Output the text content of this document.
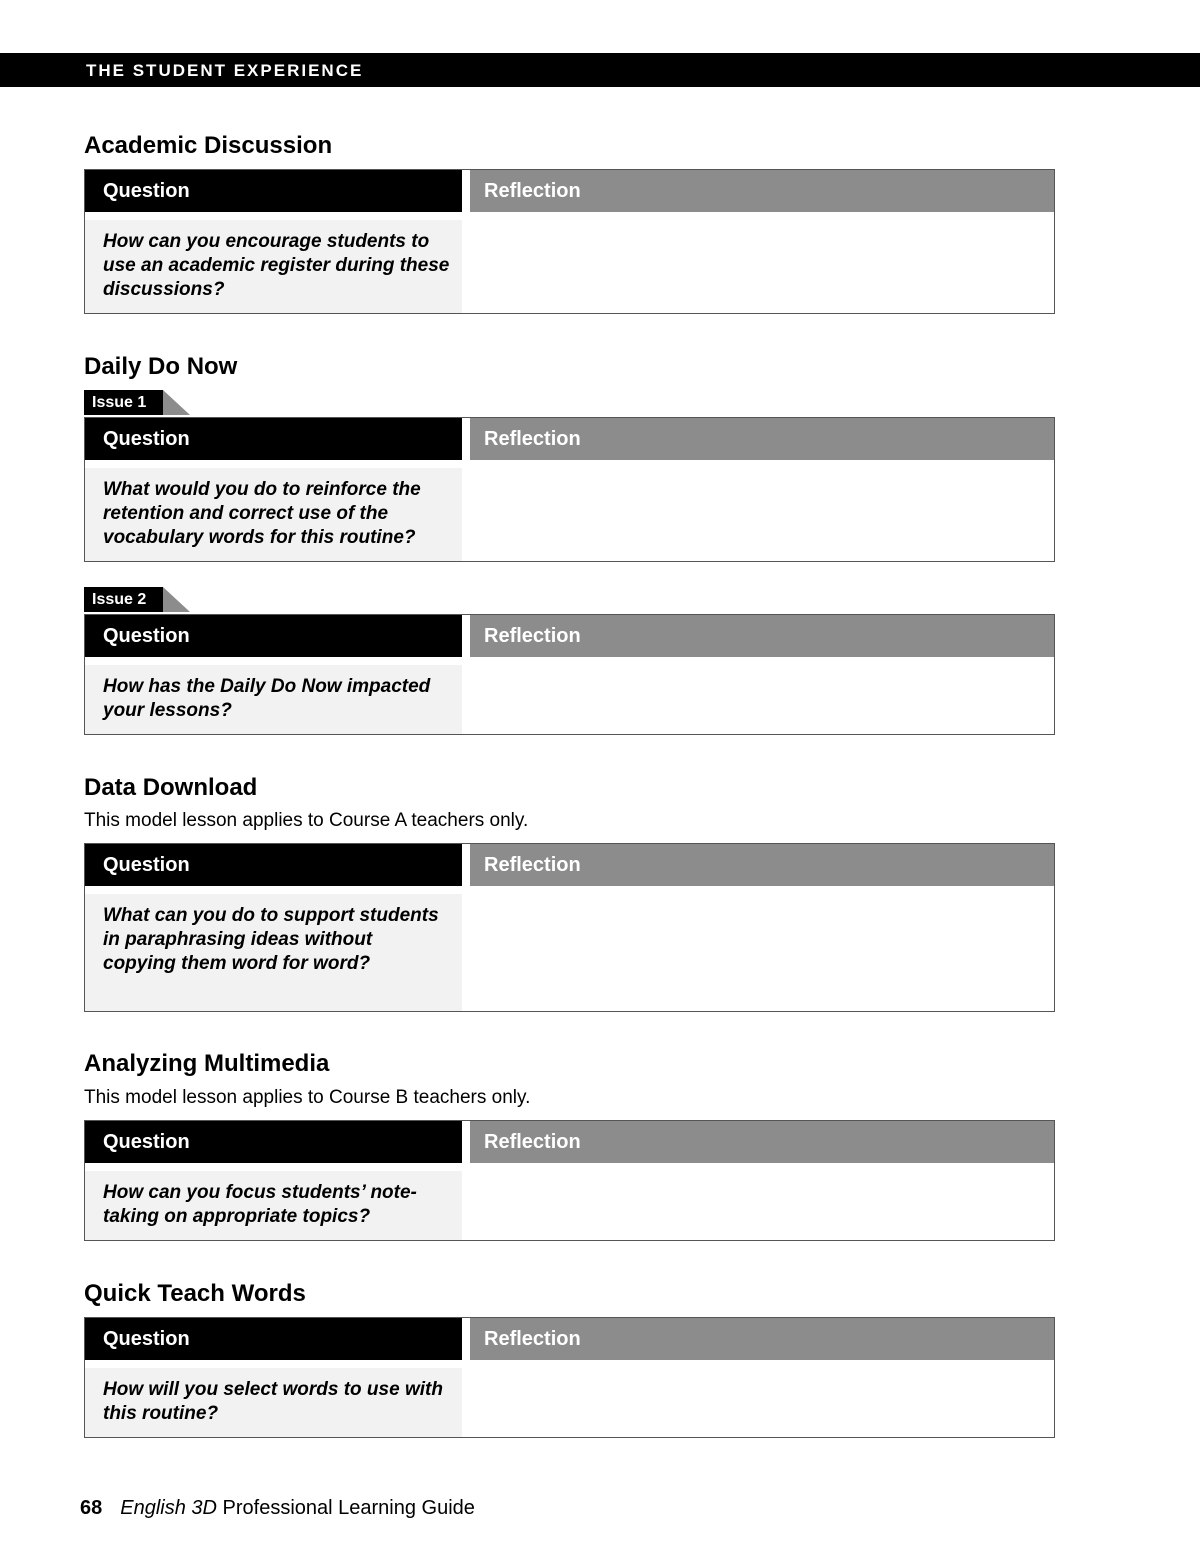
THE STUDENT EXPERIENCE
Academic Discussion
Question	Reflection
How can you encourage students to use an academic register during these discussions?
Daily Do Now
Issue 1
Question	Reflection
What would you do to reinforce the retention and correct use of the vocabulary words for this routine?
Issue 2
Question	Reflection
How has the Daily Do Now impacted your lessons?
Data Download

This model lesson applies to Course A teachers only.

Question	Reflection
What can you do to support students in paraphrasing ideas without copying them word for word?
Analyzing Multimedia

This model lesson applies to Course B teachers only.

Question	Reflection
How can you focus students’ note-taking on appropriate topics?
Quick Teach Words
Question	Reflection
How will you select words to use with this routine?
68 English 3D Professional Learning Guide
